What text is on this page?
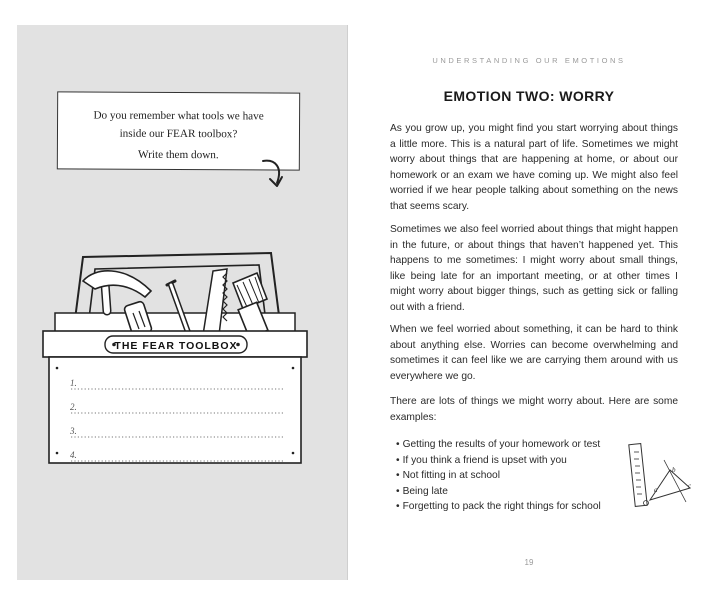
Do you remember what tools we have
inside our FEAR toolbox?
Write them down.
THE FEAR TOOLBOX
1.
2.
3.
4.
UNDERSTANDING OUR EMOTIONS
EMOTION TWO: WORRY

As you grow up, you might find you start worrying about things a little more. This is a natural part of life. Sometimes we might worry about things that are happening at home, or about our homework or an exam we have coming up. We might also feel worried if we hear people talking about something on the news that seems scary.

Sometimes we also feel worried about things that might happen in the future, or about things that haven’t happened yet. This happens to me sometimes: I might worry about small things, like being late for an important meeting, or at other times I might worry about bigger things, such as getting sick or falling out with a friend.

When we feel worried about something, it can be hard to think about anything else. Worries can become overwhelming and sometimes it can feel like we are carrying them around with us everywhere we go.

There are lots of things we might worry about. Here are some examples:

• Getting the results of your homework or test
• If you think a friend is upset with you
• Not fitting in at school
• Being late
• Forgetting to pack the right things for school
a
b
c
19
